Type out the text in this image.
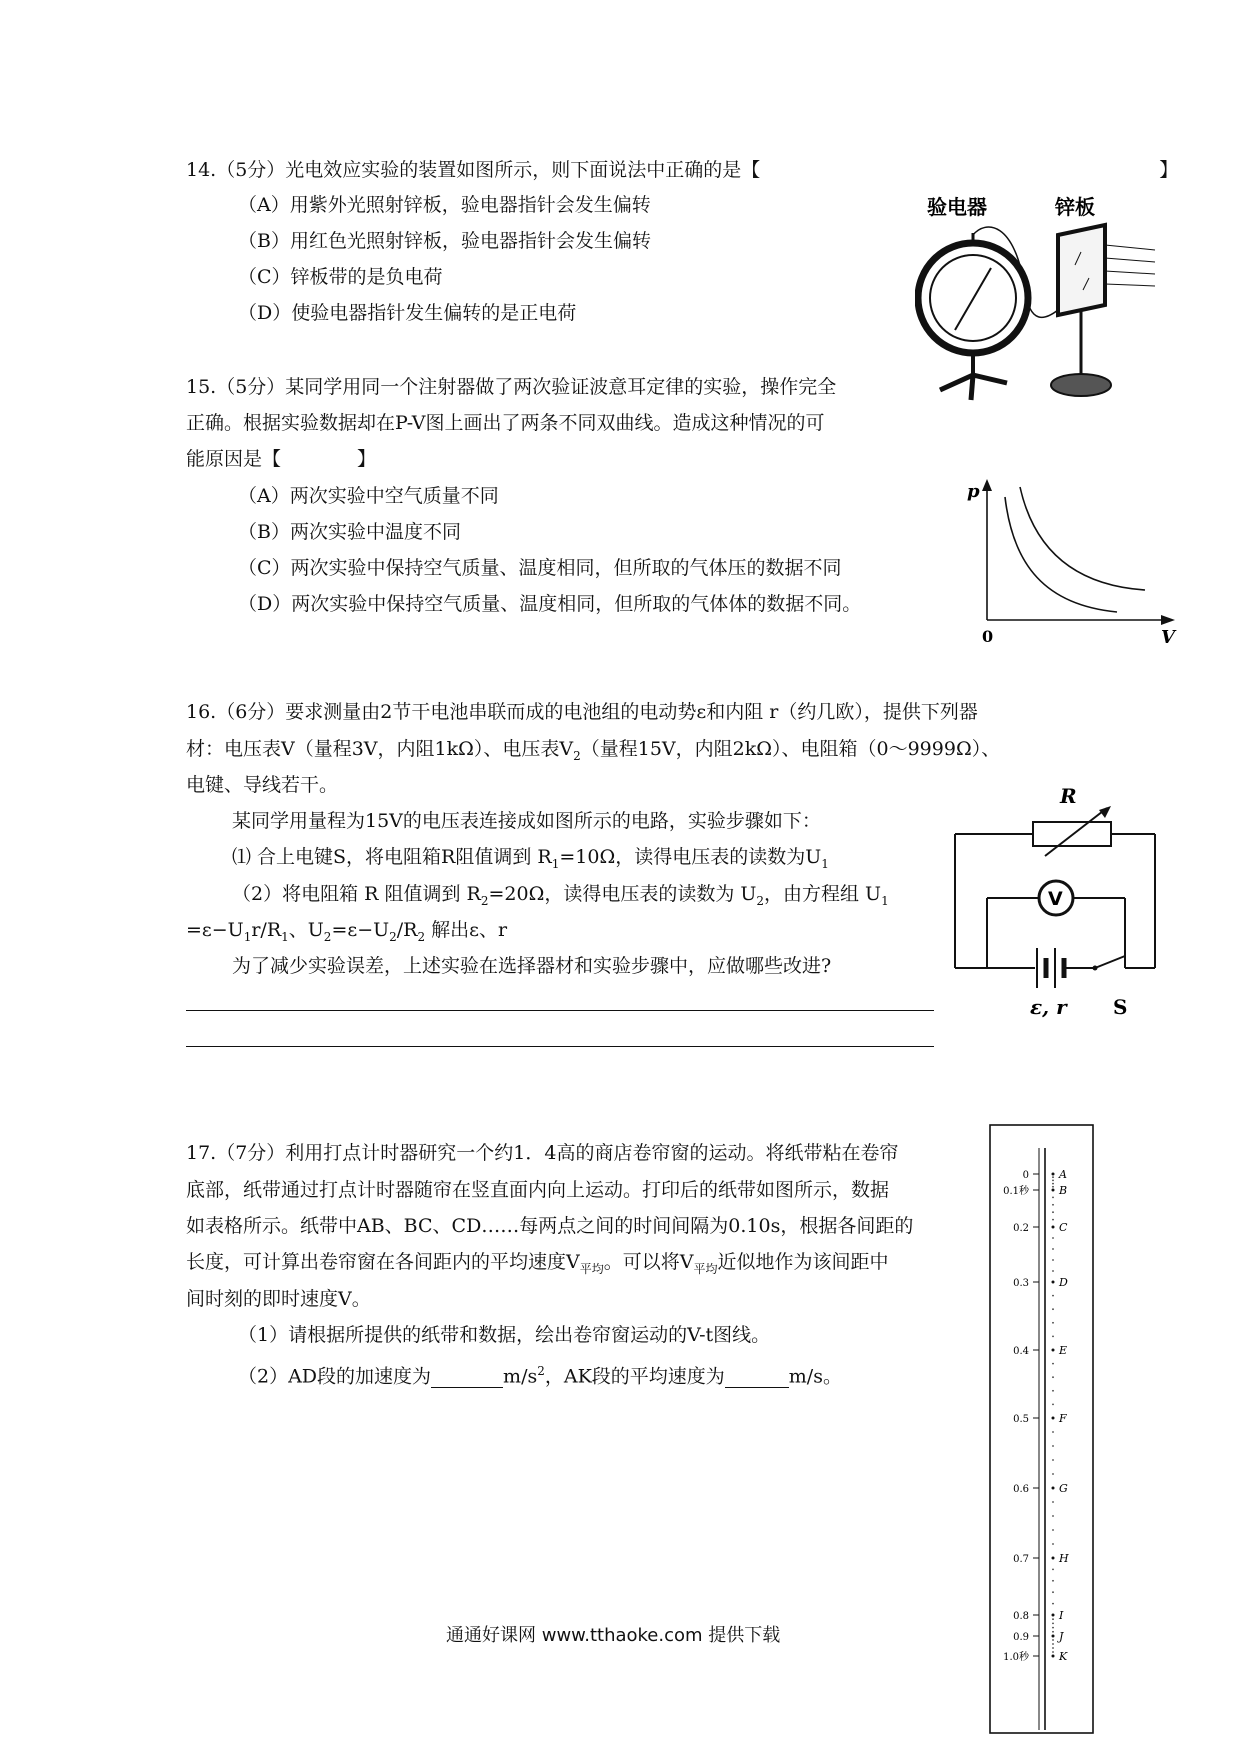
14.（5分）光电效应实验的装置如图所示，则下面说法中正确的是【　　　　　　　　　　　　　　　　　　　　　】
（A）用紫外光照射锌板，验电器指针会发生偏转
（B）用红色光照射锌板，验电器指针会发生偏转
（C）锌板带的是负电荷
（D）使验电器指针发生偏转的是正电荷
验电器	锌板
15.（5分）某同学用同一个注射器做了两次验证波意耳定律的实验，操作完全
正确。根据实验数据却在P-V图上画出了两条不同双曲线。造成这种情况的可
能原因是【　　　　】
（A）两次实验中空气质量不同
（B）两次实验中温度不同
（C）两次实验中保持空气质量、温度相同，但所取的气体压的数据不同
（D）两次实验中保持空气质量、温度相同，但所取的气体体的数据不同。
p
V
0
16.（6分）要求测量由2节干电池串联而成的电池组的电动势ε和内阻 r（约几欧），提供下列器
材：电压表V（量程3V，内阻1kΩ）、电压表$V_2$（量程15V，内阻2kΩ）、电阻箱（0～9999Ω）、
电键、导线若干。
某同学用量程为15V的电压表连接成如图所示的电路，实验步骤如下：
⑴ 合上电键S，将电阻箱R阻值调到 $R_1=10\Omega$，读得电压表的读数为$U_1$
（2）将电阻箱 R 阻值调到 $R_2=20\Omega$，读得电压表的读数为 $U_2$，由方程组 $U_1$
$=\varepsilon-U_1r/R_1$、$U_2=\varepsilon-U_2/R_2$ 解出ε、r
为了减少实验误差，上述实验在选择器材和实验步骤中，应做哪些改进?
R
V
ε, r S
17.（7分）利用打点计时器研究一个约1．4高的商店卷帘窗的运动。将纸带粘在卷帘
底部，纸带通过打点计时器随帘在竖直面内向上运动。打印后的纸带如图所示，数据
如表格所示。纸带中AB、BC、CD……每两点之间的时间间隔为0.10s，根据各间距的
长度，可计算出卷帘窗在各间距内的平均速度$V_{平均}$。可以将$V_{平均}$近似地作为该间距中
间时刻的即时速度V。
（1）请根据所提供的纸带和数据，绘出卷帘窗运动的V-t图线。
（2）AD段的加速度为	$m/s^2$，AK段的平均速度为	m/s。
0
0.1秒
0.2
0.3
0.4
0.5
0.6
0.7
0.8
0.9
1.0秒
A
B
C
D
E
F
G
H
I
J
K
通通好课网 www.tthaoke.com 提供下载
